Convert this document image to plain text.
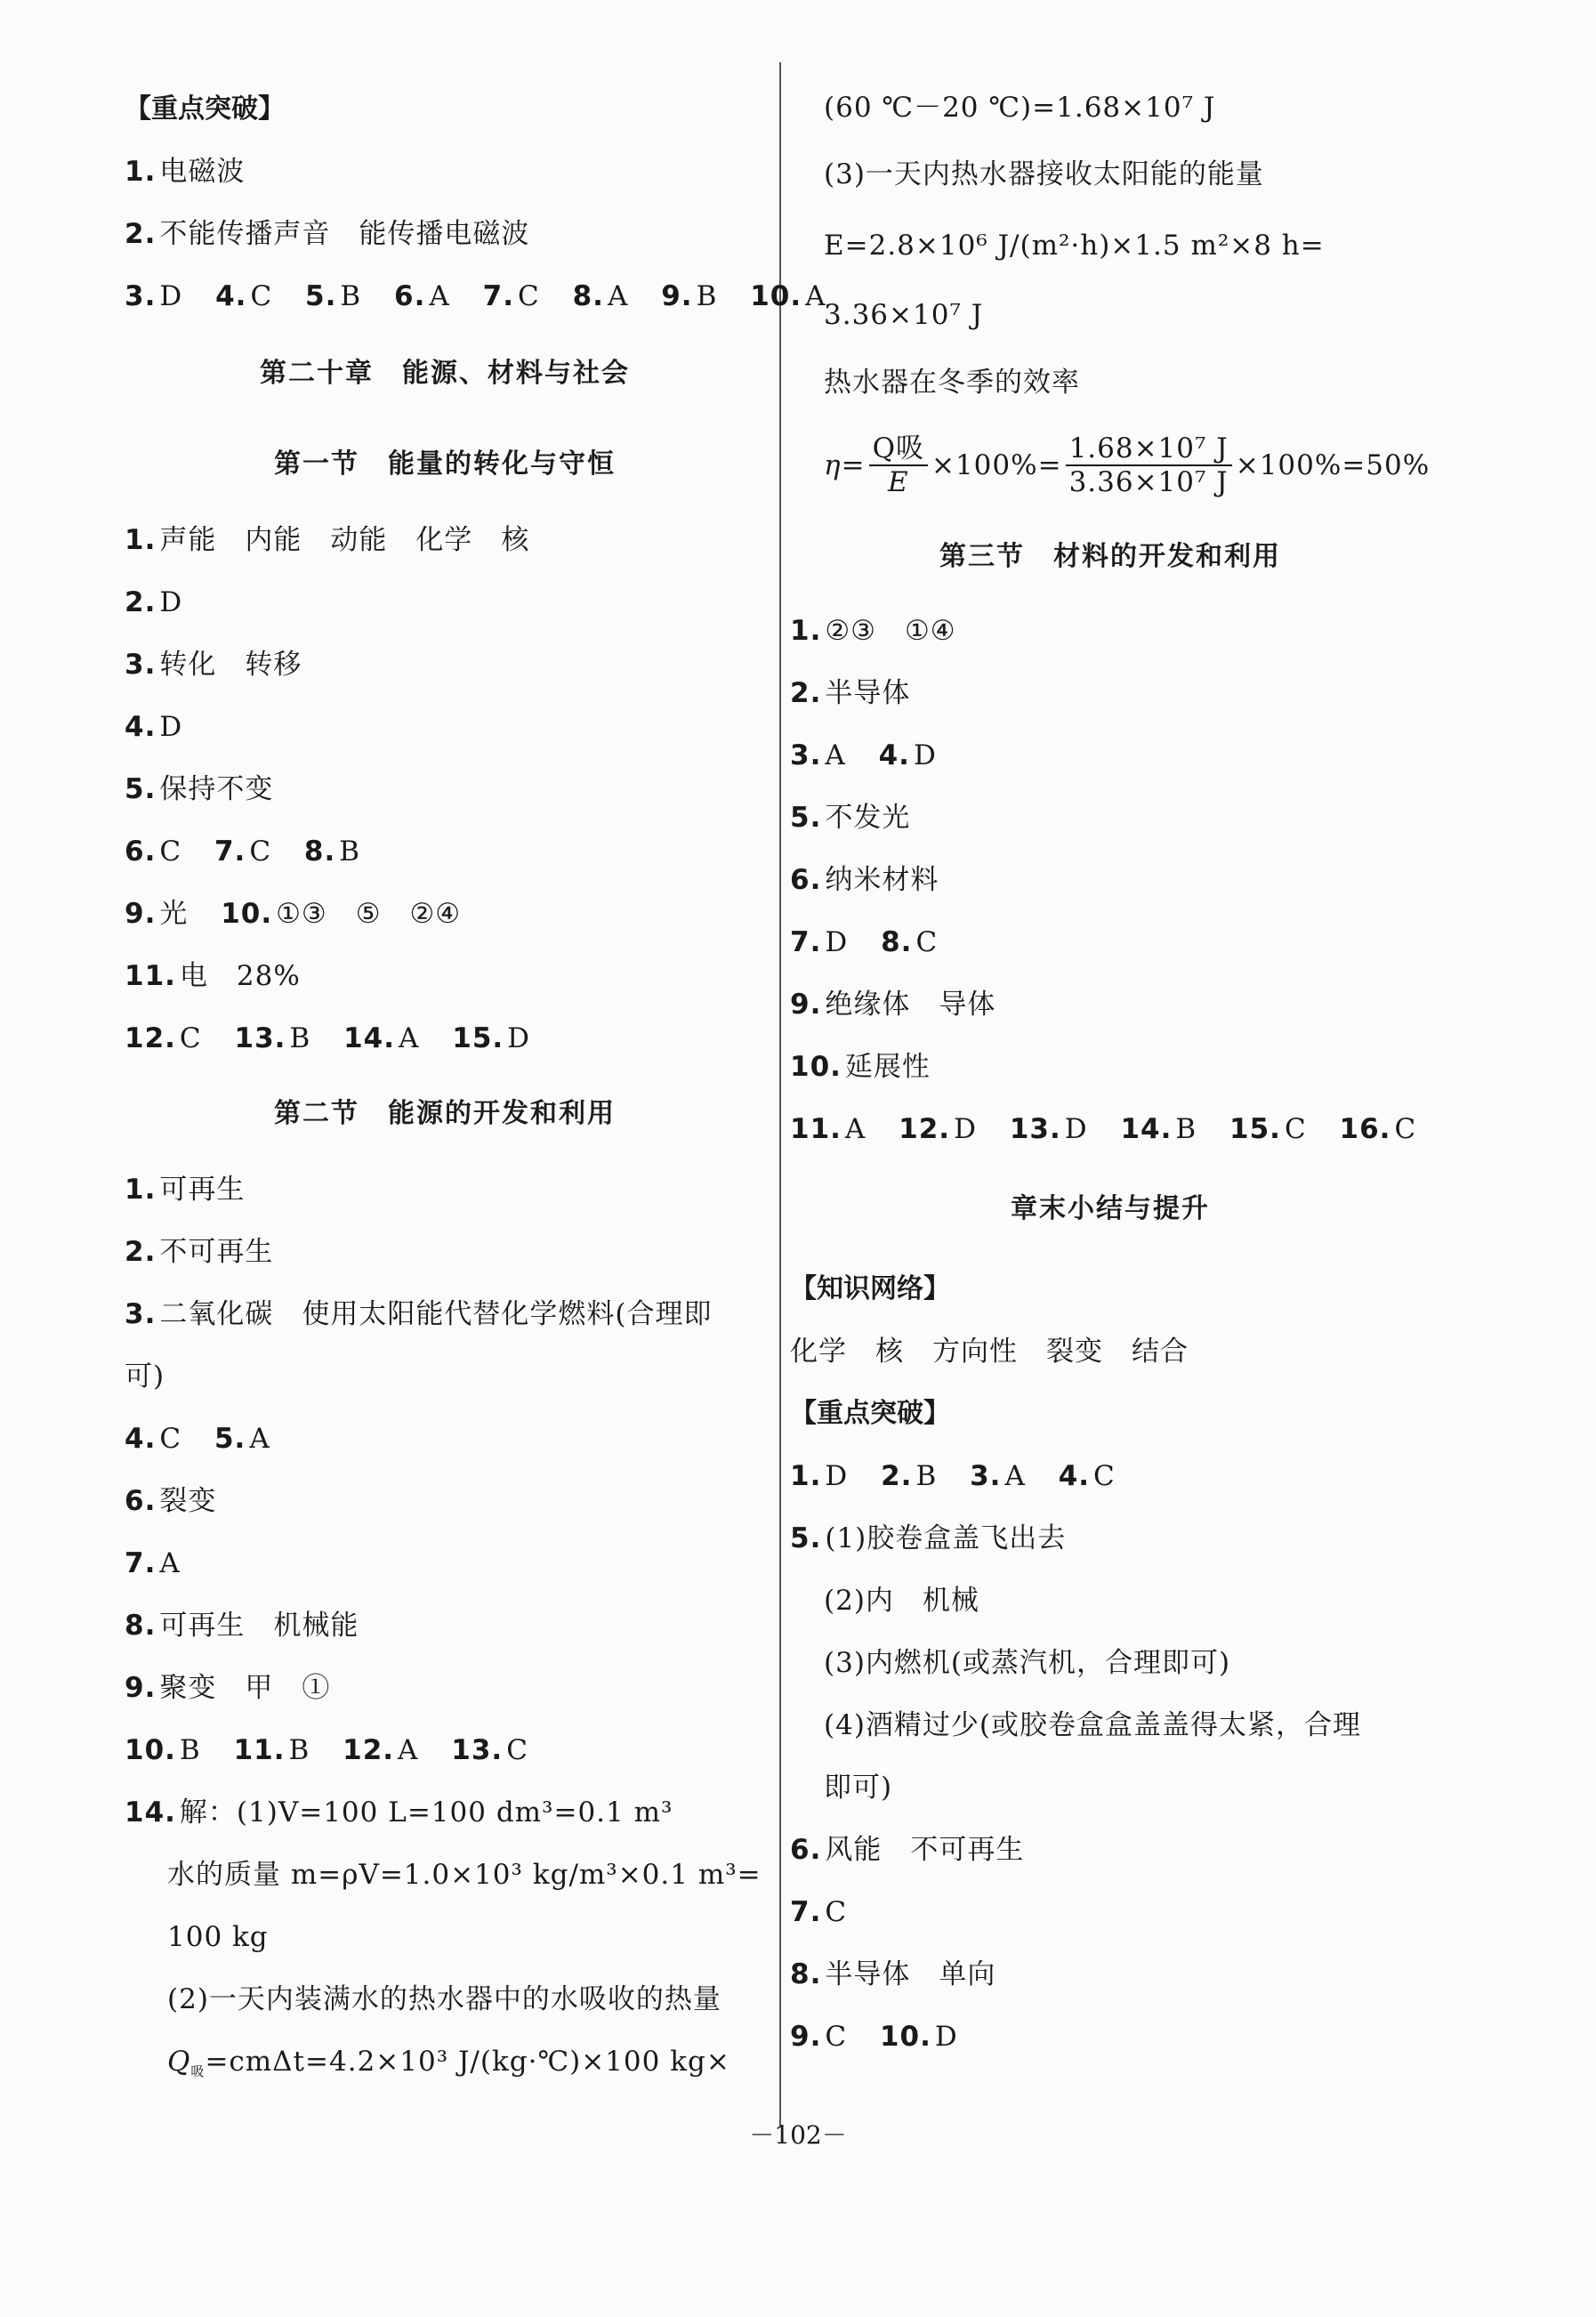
【重点突破】
1. 电磁波
2. 不能传播声音　能传播电磁波
3. D 4. C 5. B 6. A 7. C 8. A 9. B 10. A
第二十章　能源、材料与社会
第一节　能量的转化与守恒
1. 声能　内能　动能　化学　核
2. D
3. 转化　转移
4. D
5. 保持不变
6. C 7. C 8. B
9. 光 10. ①③　⑤　②④
11. 电　28%
12. C 13. B 14. A 15. D
第二节　能源的开发和利用
1. 可再生
2. 不可再生
3. 二氧化碳　使用太阳能代替化学燃料(合理即
可)
4. C 5. A
6. 裂变
7. A
8. 可再生　机械能
9. 聚变　甲　①
10. B 11. B 12. A 13. C
14. 解：(1)V=100 L=100 dm³=0.1 m³
水的质量 m=ρV=1.0×10³ kg/m³×0.1 m³=
100 kg
(2)一天内装满水的热水器中的水吸收的热量
$Q_吸=cm\Delta t=4.2\times 10^3$ J/(kg·℃)×100 kg×
(60 ℃－20 ℃)=1.68×10⁷ J
(3)一天内热水器接收太阳能的能量
E=2.8×10⁶ J/(m²·h)×1.5 m²×8 h=
3.36×10⁷ J
热水器在冬季的效率
$\eta= \frac{\text{Q吸}}{E} \times 100\%= \frac{\text{1.68×10⁷ J}}{\text{3.36×10⁷ J}} \times 100\%=50\%$
第三节　材料的开发和利用
1. ②③　①④
2. 半导体
3. A 4. D
5. 不发光
6. 纳米材料
7. D 8. C
9. 绝缘体　导体
10. 延展性
11. A 12. D 13. D 14. B 15. C 16. C
章末小结与提升
【知识网络】
化学　核　方向性　裂变　结合
【重点突破】
1. D 2. B 3. A 4. C
5. (1)胶卷盒盖飞出去
(2)内　机械
(3)内燃机(或蒸汽机，合理即可)
(4)酒精过少(或胶卷盒盒盖盖得太紧，合理
即可)
6. 风能　不可再生
7. C
8. 半导体　单向
9. C 10. D
－102－
